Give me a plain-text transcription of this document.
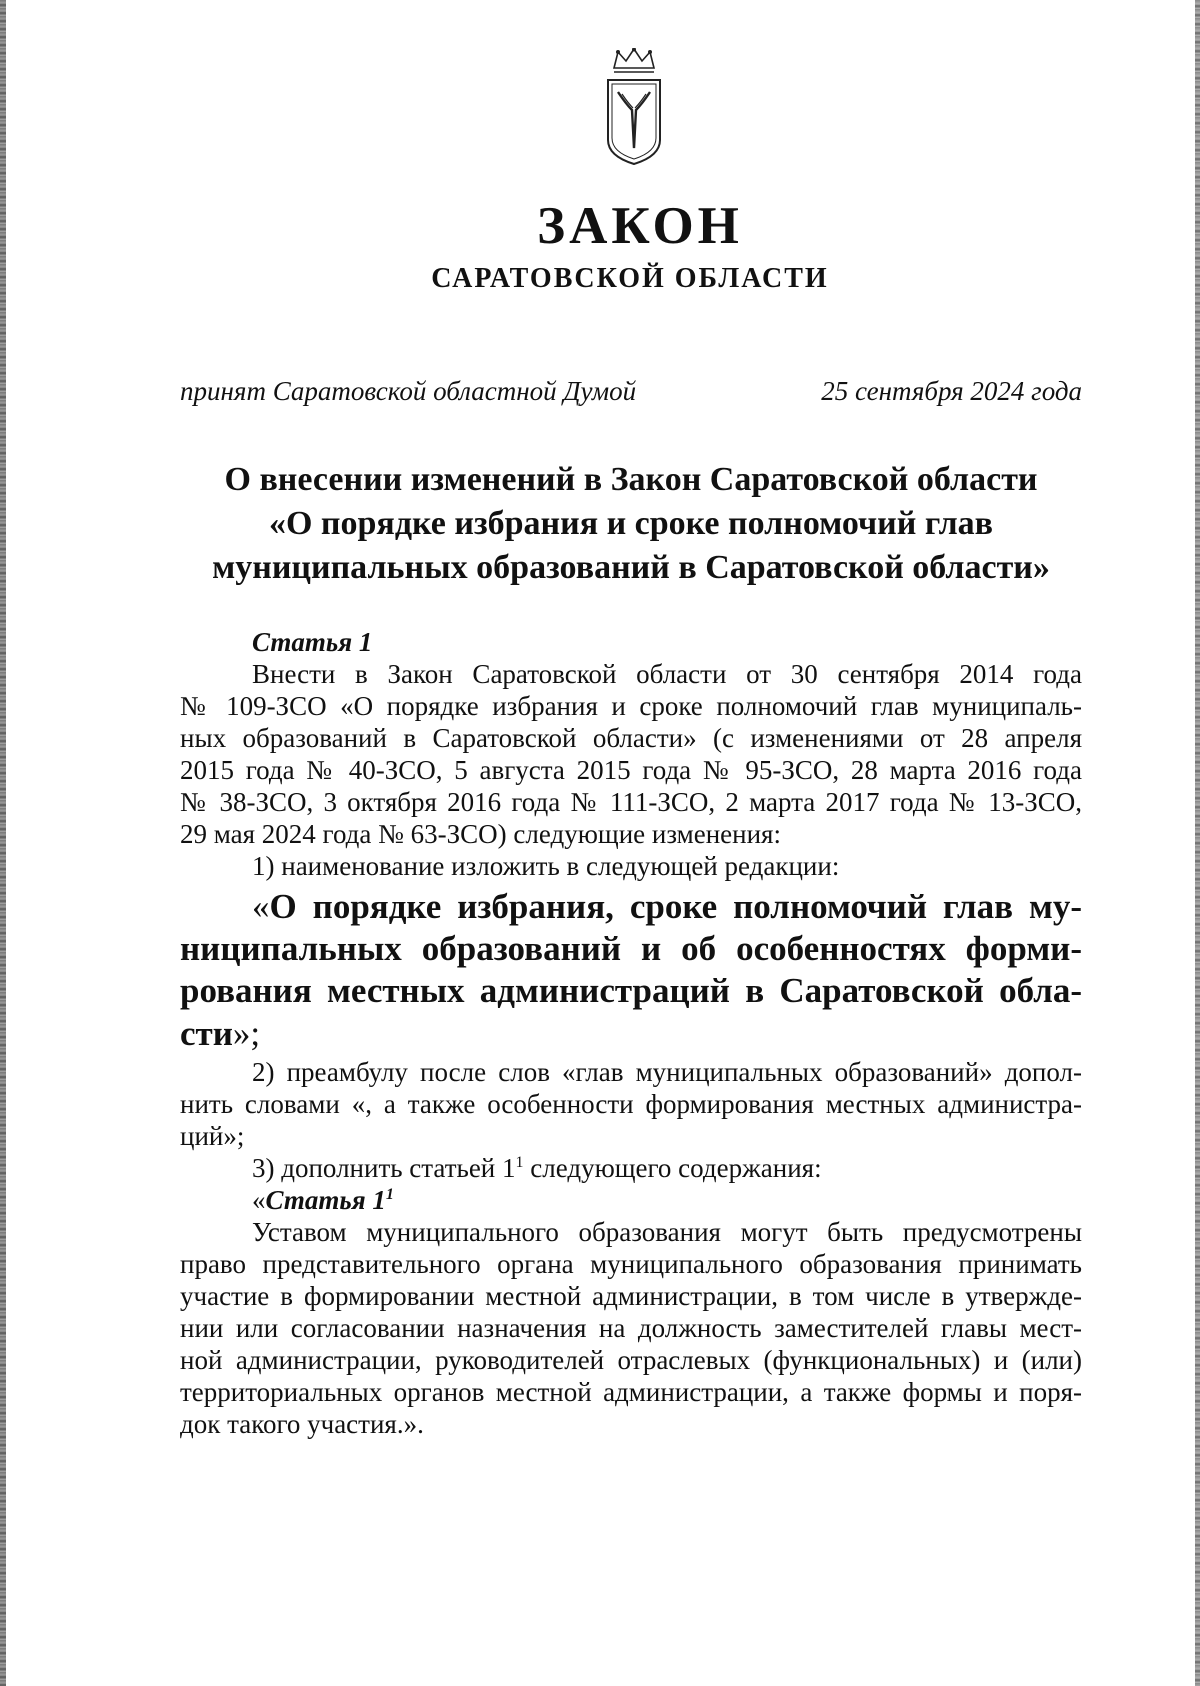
ЗАКОН
САРАТОВСКОЙ ОБЛАСТИ
принят Саратовской областной Думой	25 сентября 2024 года
О внесении изменений в Закон Саратовской области
«О порядке избрания и сроке полномочий глав
муниципальных образований в Саратовской области»

Статья 1

Внести в Закон Саратовской области от 30 сентября 2014 года

№ 109-ЗСО «О порядке избрания и сроке полномочий глав муниципаль-

ных образований в Саратовской области» (с изменениями от 28 апреля

2015 года № 40-ЗСО, 5 августа 2015 года № 95-ЗСО, 28 марта 2016 года

№ 38-ЗСО, 3 октября 2016 года № 111-ЗСО, 2 марта 2017 года № 13-ЗСО,

29 мая 2024 года № 63-ЗСО) следующие изменения:

1) наименование изложить в следующей редакции:

«О порядке избрания, сроке полномочий глав му-

ниципальных образований и об особенностях форми-

рования местных администраций в Саратовской обла-

сти»;

2) преамбулу после слов «глав муниципальных образований» допол-

нить словами «, а также особенности формирования местных администра-

ций»;

3) дополнить статьей $1^1$ следующего содержания:

«Статья $1^1$

Уставом муниципального образования могут быть предусмотрены

право представительного органа муниципального образования принимать

участие в формировании местной администрации, в том числе в утвержде-

нии или согласовании назначения на должность заместителей главы мест-

ной администрации, руководителей отраслевых (функциональных) и (или)

территориальных органов местной администрации, а также формы и поря-

док такого участия.».
